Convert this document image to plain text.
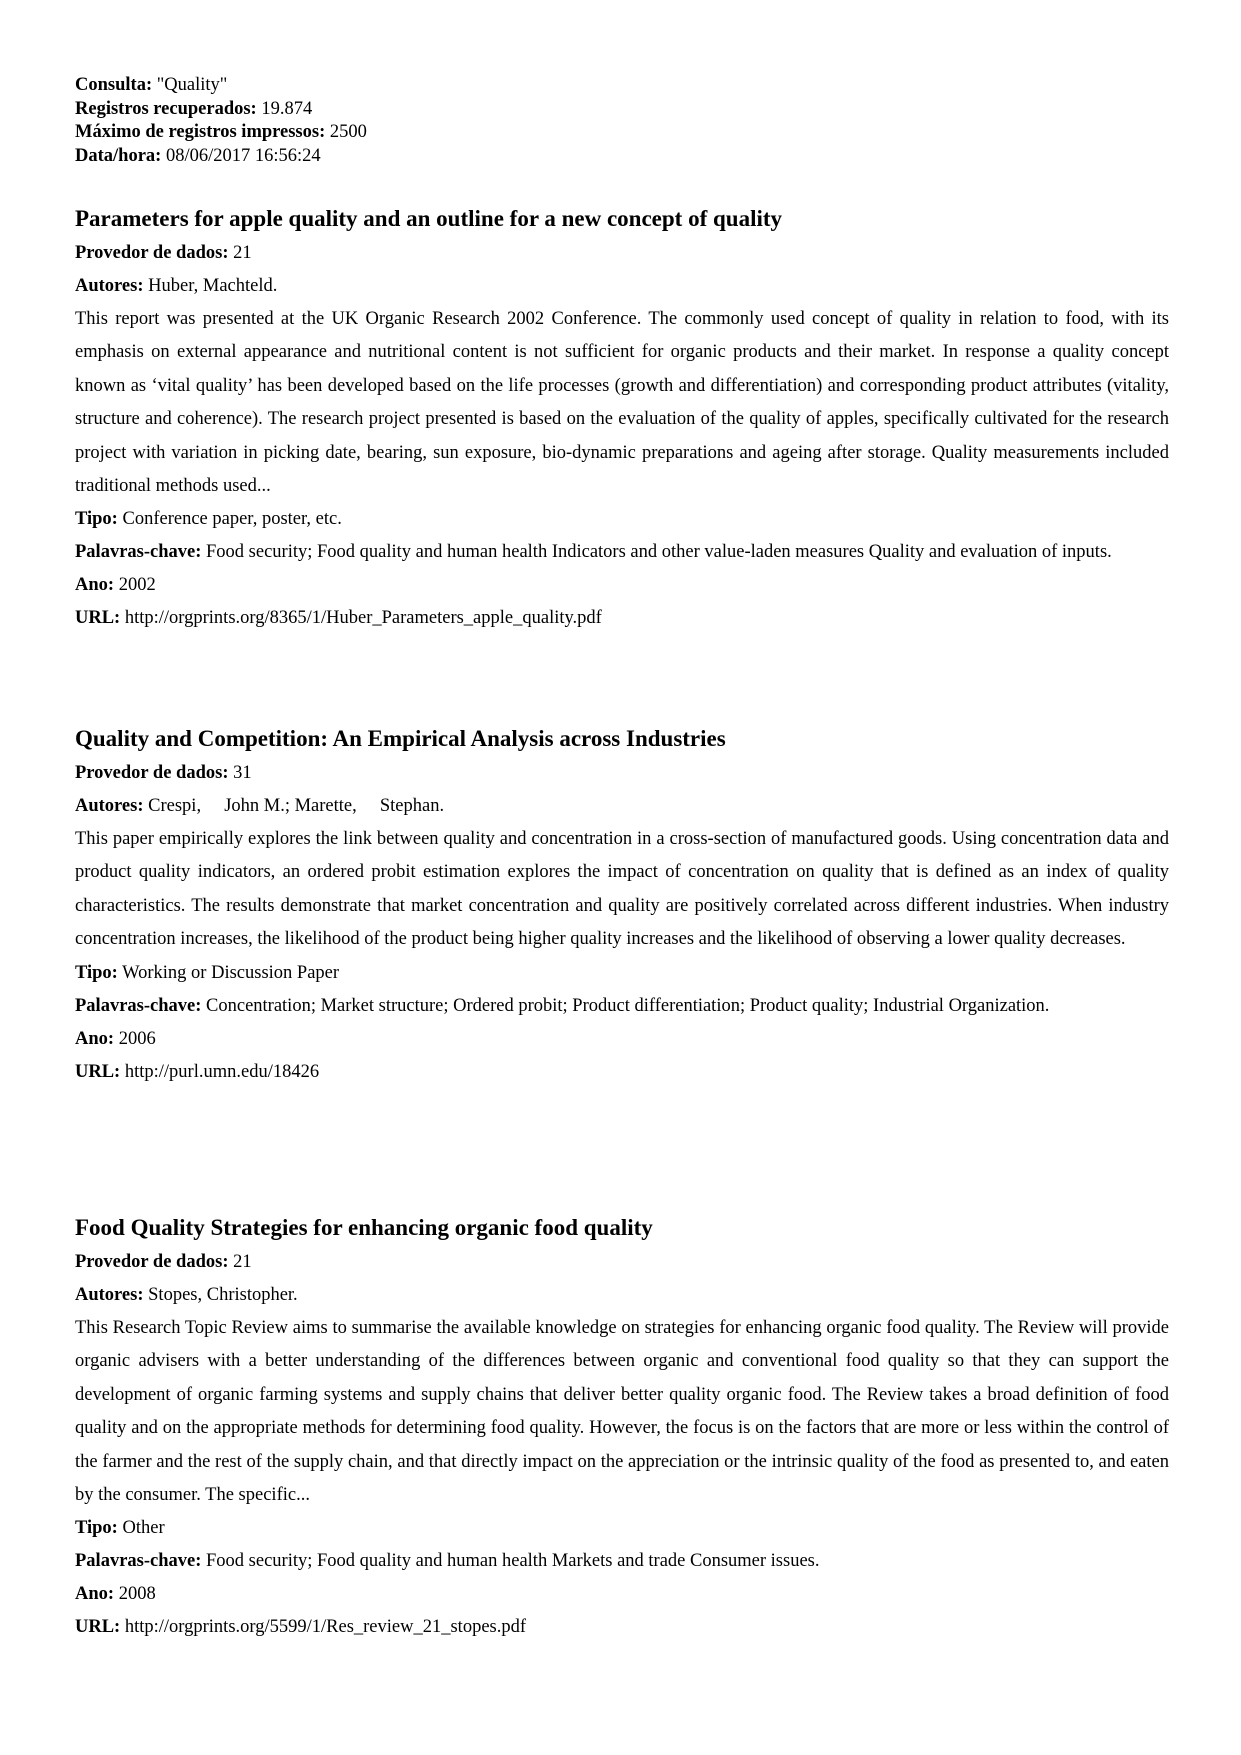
Consulta: "Quality"

Registros recuperados: 19.874

Máximo de registros impressos: 2500

Data/hora: 08/06/2017 16:56:24

Parameters for apple quality and an outline for a new concept of quality

Provedor de dados: 21

Autores: Huber, Machteld.

This report was presented at the UK Organic Research 2002 Conference. The commonly used concept of quality in relation to food, with its emphasis on external appearance and nutritional content is not sufficient for organic products and their market. In response a quality concept known as ‘vital quality’ has been developed based on the life processes (growth and differentiation) and corresponding product attributes (vitality, structure and coherence). The research project presented is based on the evaluation of the quality of apples, specifically cultivated for the research project with variation in picking date, bearing, sun exposure, bio-dynamic preparations and ageing after storage. Quality measurements included traditional methods used...

Tipo: Conference paper, poster, etc.

Palavras-chave: Food security; Food quality and human health Indicators and other value-laden measures Quality and evaluation of inputs.

Ano: 2002

URL: http://orgprints.org/8365/1/Huber_Parameters_apple_quality.pdf

Quality and Competition: An Empirical Analysis across Industries

Provedor de dados: 31

Autores: Crespi,     John M.; Marette,     Stephan.

This paper empirically explores the link between quality and concentration in a cross-section of manufactured goods. Using concentration data and product quality indicators, an ordered probit estimation explores the impact of concentration on quality that is defined as an index of quality characteristics. The results demonstrate that market concentration and quality are positively correlated across different industries. When industry concentration increases, the likelihood of the product being higher quality increases and the likelihood of observing a lower quality decreases.

Tipo: Working or Discussion Paper

Palavras-chave: Concentration; Market structure; Ordered probit; Product differentiation; Product quality; Industrial Organization.

Ano: 2006

URL: http://purl.umn.edu/18426

Food Quality Strategies for enhancing organic food quality

Provedor de dados: 21

Autores: Stopes, Christopher.

This Research Topic Review aims to summarise the available knowledge on strategies for enhancing organic food quality. The Review will provide organic advisers with a better understanding of the differences between organic and conventional food quality so that they can support the development of organic farming systems and supply chains that deliver better quality organic food. The Review takes a broad definition of food quality and on the appropriate methods for determining food quality. However, the focus is on the factors that are more or less within the control of the farmer and the rest of the supply chain, and that directly impact on the appreciation or the intrinsic quality of the food as presented to, and eaten by the consumer. The specific...

Tipo: Other

Palavras-chave: Food security; Food quality and human health Markets and trade Consumer issues.

Ano: 2008

URL: http://orgprints.org/5599/1/Res_review_21_stopes.pdf
